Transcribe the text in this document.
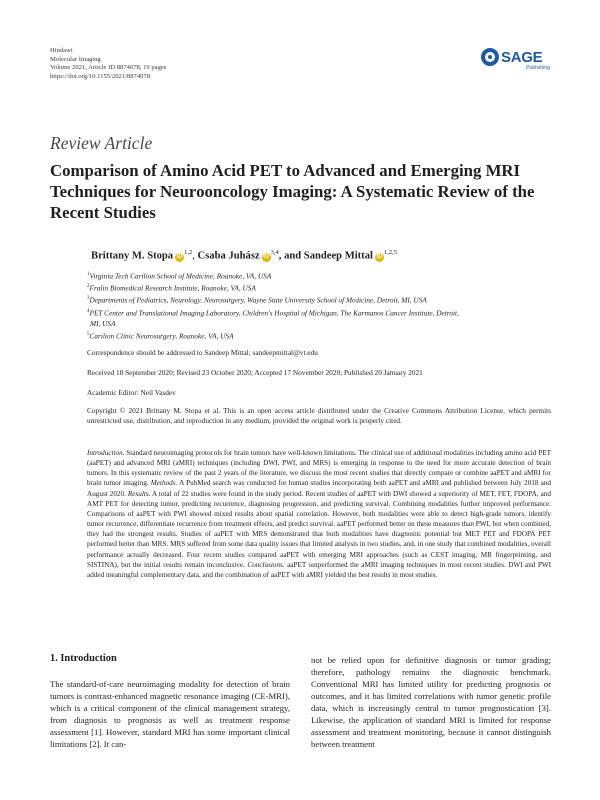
Hindawi
Molecular Imaging
Volume 2021, Article ID 8874078, 19 pages
https://doi.org/10.1155/2021/8874078
SAGE
Publishing
Review Article
Comparison of Amino Acid PET to Advanced and Emerging MRI Techniques for Neurooncology Imaging: A Systematic Review of the Recent Studies
Brittany M. Stopa iD$^{1,2}$, Csaba Juhász iD$^{3,4}$, and Sandeep Mittal iD$^{1,2,5}$
$^1$Virginia Tech Carilion School of Medicine, Roanoke, VA, USA
$^2$Fralin Biomedical Research Institute, Roanoke, VA, USA
$^3$Departments of Pediatrics, Neurology, Neurosurgery, Wayne State University School of Medicine, Detroit, MI, USA
$^4$PET Center and Translational Imaging Laboratory, Children's Hospital of Michigan, The Karmanos Cancer Institute, Detroit,
MI, USA
$^5$Carilion Clinic Neurosurgery, Roanoke, VA, USA
Correspondence should be addressed to Sandeep Mittal; sandeepmittal@vt.edu
Received 18 September 2020; Revised 23 October 2020; Accepted 17 November 2020; Published 20 January 2021
Academic Editor: Neil Vasdev
Copyright © 2021 Brittany M. Stopa et al. This is an open access article distributed under the Creative Commons Attribution License, which permits unrestricted use, distribution, and reproduction in any medium, provided the original work is properly cited.
Introduction. Standard neuroimaging protocols for brain tumors have well-known limitations. The clinical use of additional modalities including amino acid PET (aaPET) and advanced MRI (aMRI) techniques (including DWI, PWI, and MRS) is emerging in response to the need for more accurate detection of brain tumors. In this systematic review of the past 2 years of the literature, we discuss the most recent studies that directly compare or combine aaPET and aMRI for brain tumor imaging. Methods. A PubMed search was conducted for human studies incorporating both aaPET and aMRI and published between July 2018 and August 2020. Results. A total of 22 studies were found in the study period. Recent studies of aaPET with DWI showed a superiority of MET, FET, FDOPA, and AMT PET for detecting tumor, predicting recurrence, diagnosing progression, and predicting survival. Combining modalities further improved performance. Comparisons of aaPET with PWI showed mixed results about spatial correlation. However, both modalities were able to detect high-grade tumors, identify tumor recurrence, differentiate recurrence from treatment effects, and predict survival. aaPET performed better on these measures than PWI, but when combined, they had the strongest results. Studies of aaPET with MRS demonstrated that both modalities have diagnostic potential but MET PET and FDOPA PET performed better than MRS. MRS suffered from some data quality issues that limited analysis in two studies, and, in one study that combined modalities, overall performance actually decreased. Four recent studies compared aaPET with emerging MRI approaches (such as CEST imaging, MR fingerprinting, and SISTINA), but the initial results remain inconclusive. Conclusions. aaPET outperformed the aMRI imaging techniques in most recent studies. DWI and PWI added meaningful complementary data, and the combination of aaPET with aMRI yielded the best results in most studies.
1. Introduction
The standard-of-care neuroimaging modality for detection of brain tumors is contrast-enhanced magnetic resonance imaging (CE-MRI), which is a critical component of the clinical management strategy, from diagnosis to prognosis as well as treatment response assessment [1]. However, standard MRI has some important clinical limitations [2]. It can-
not be relied upon for definitive diagnosis or tumor grading; therefore, pathology remains the diagnostic benchmark. Conventional MRI has limited utility for predicting prognosis or outcomes, and it has limited correlations with tumor genetic profile data, which is increasingly central to tumor prognostication [3]. Likewise, the application of standard MRI is limited for response assessment and treatment monitoring, because it cannot distinguish between treatment
